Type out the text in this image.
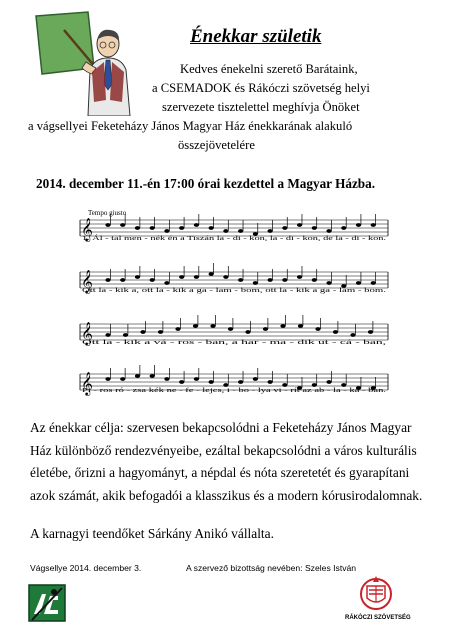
Énekkar születik
Kedves énekelni szerető Barátaink,
a CSEMADOK és Rákóczi szövetség helyi
szervezete tisztelettel meghívja Önöket
a vágsellyei Feketeházy János Magyar Ház énekkarának alakuló
összejövetelére
2014. december 11.-én 17:00 órai kezdettel a Magyar Házba.
Tempo giusto
𝄞
1. Ál - tal men - nék én a Tiszán la - di - kon, la - di - kon, de la - di - kon.
𝄞
Ott la - kik a, ott la - kik a ga - lam - bom, ott la - kik a ga - lam - bom.
𝄞
Ott la - kik a vá - ros - ban, a har - ma - dik ut - cá - ban,
𝄞
Pi - ros ró - zsa kék ne - fe - lejcs, i - bo - lya vi - rít az ab - la - ka - ban.

Az énekkar célja: szervesen bekapcsolódni a Feketeházy János Magyar Ház különböző rendezvényeibe, ezáltal bekapcsolódni a város kulturális életébe, őrizni a hagyományt, a népdal és nóta szeretetét és gyarapítani azok számát, akik befogadói a klasszikus és a modern kórusirodalomnak.

A karnagyi teendőket Sárkány Anikó vállalta.
Vágsellye 2014. december 3.	A szervező bizottság nevében: Szeles István
RÁKÓCZI SZÖVETSÉG
